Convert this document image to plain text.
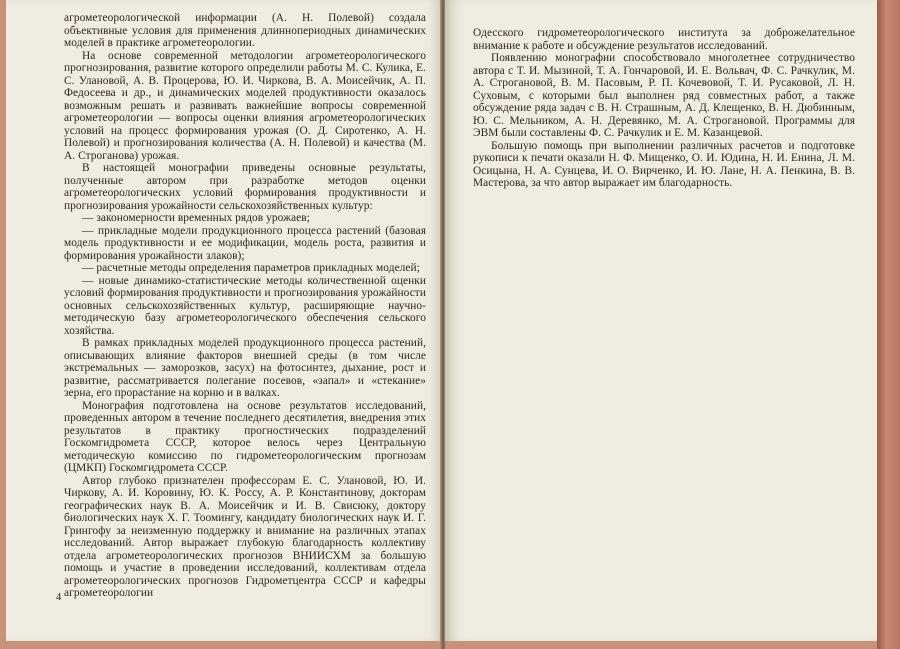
агрометеорологической информации (А. Н. Полевой) создала объективные условия для применения длиннопериодных динамических моделей в практике агрометеорологии.

На основе современной методологии агрометеорологического прогнозирования, развитие которого определили работы М. С. Кулика, Е. С. Улановой, А. В. Процерова, Ю. И. Чиркова, В. А. Моисейчик, А. П. Федосеева и др., и динамических моделей продуктивности оказалось возможным решать и развивать важнейшие вопросы современной агрометеорологии — вопросы оценки влияния агрометеорологических условий на процесс формирования урожая (О. Д. Сиротенко, А. Н. Полевой) и прогнозирования количества (А. Н. Полевой) и качества (М. А. Строганова) урожая.

В настоящей монографии приведены основные результаты, полученные автором при разработке методов оценки агрометеорологических условий формирования продуктивности и прогнозирования урожайности сельскохозяйственных культур:

— закономерности временных рядов урожаев;

— прикладные модели продукционного процесса растений (базовая модель продуктивности и ее модификации, модель роста, развития и формирования урожайности злаков);

— расчетные методы определения параметров прикладных моделей;

— новые динамико-статистические методы количественной оценки условий формирования продуктивности и прогнозирования урожайности основных сельскохозяйственных культур, расширяющие научно-методическую базу агрометеорологического обеспечения сельского хозяйства.

В рамках прикладных моделей продукционного процесса растений, описывающих влияние факторов внешней среды (в том числе экстремальных — заморозков, засух) на фотосинтез, дыхание, рост и развитие, рассматривается полегание посевов, «запал» и «стекание» зерна, его прорастание на корню и в валках.

Монография подготовлена на основе результатов исследований, проведенных автором в течение последнего десятилетия, внедрения этих результатов в практику прогностических подразделений Госкомгидромета СССР, которое велось через Центральную методическую комиссию по гидрометеорологическим прогнозам (ЦМКП) Госкомгидромета СССР.

Автор глубоко признателен профессорам Е. С. Улановой, Ю. И. Чиркову, А. И. Коровину, Ю. К. Россу, А. Р. Константинову, докторам географических наук В. А. Моисейчик и И. В. Свисюку, доктору биологических наук Х. Г. Тоомингу, кандидату биологических наук И. Г. Грингофу за неизменную поддержку и внимание на различных этапах исследований. Автор выражает глубокую благодарность коллективу отдела агрометеорологических прогнозов ВНИИСХМ за большую помощь и участие в проведении исследований, коллективам отдела агрометеорологических прогнозов Гидрометцентра СССР и кафедры агрометеорологии

4

Одесского гидрометеорологического института за доброжелательное внимание к работе и обсуждение результатов исследований.

Появлению монографии способствовало многолетнее сотрудничество автора с Т. И. Мызиной, Т. А. Гончаровой, И. Е. Вольвач, Ф. С. Рачкулик, М. А. Строгановой, В. М. Пасовым, Р. П. Кочевовой, Т. И. Русаковой, Л. Н. Суховым, с которыми был выполнен ряд совместных работ, а также обсуждение ряда задач с В. Н. Страшным, А. Д. Клещенко, В. Н. Дюбинным, Ю. С. Мельником, А. Н. Деревянко, М. А. Строгановой. Программы для ЭВМ были составлены Ф. С. Рачкулик и Е. М. Казанцевой.

Большую помощь при выполнении различных расчетов и подготовке рукописи к печати оказали Н. Ф. Мищенко, О. И. Юдина, Н. И. Енина, Л. М. Осицына, Н. А. Сунцева, И. О. Вирченко, И. Ю. Лане, Н. А. Пенкина, В. В. Мастерова, за что автор выражает им благодарность.
